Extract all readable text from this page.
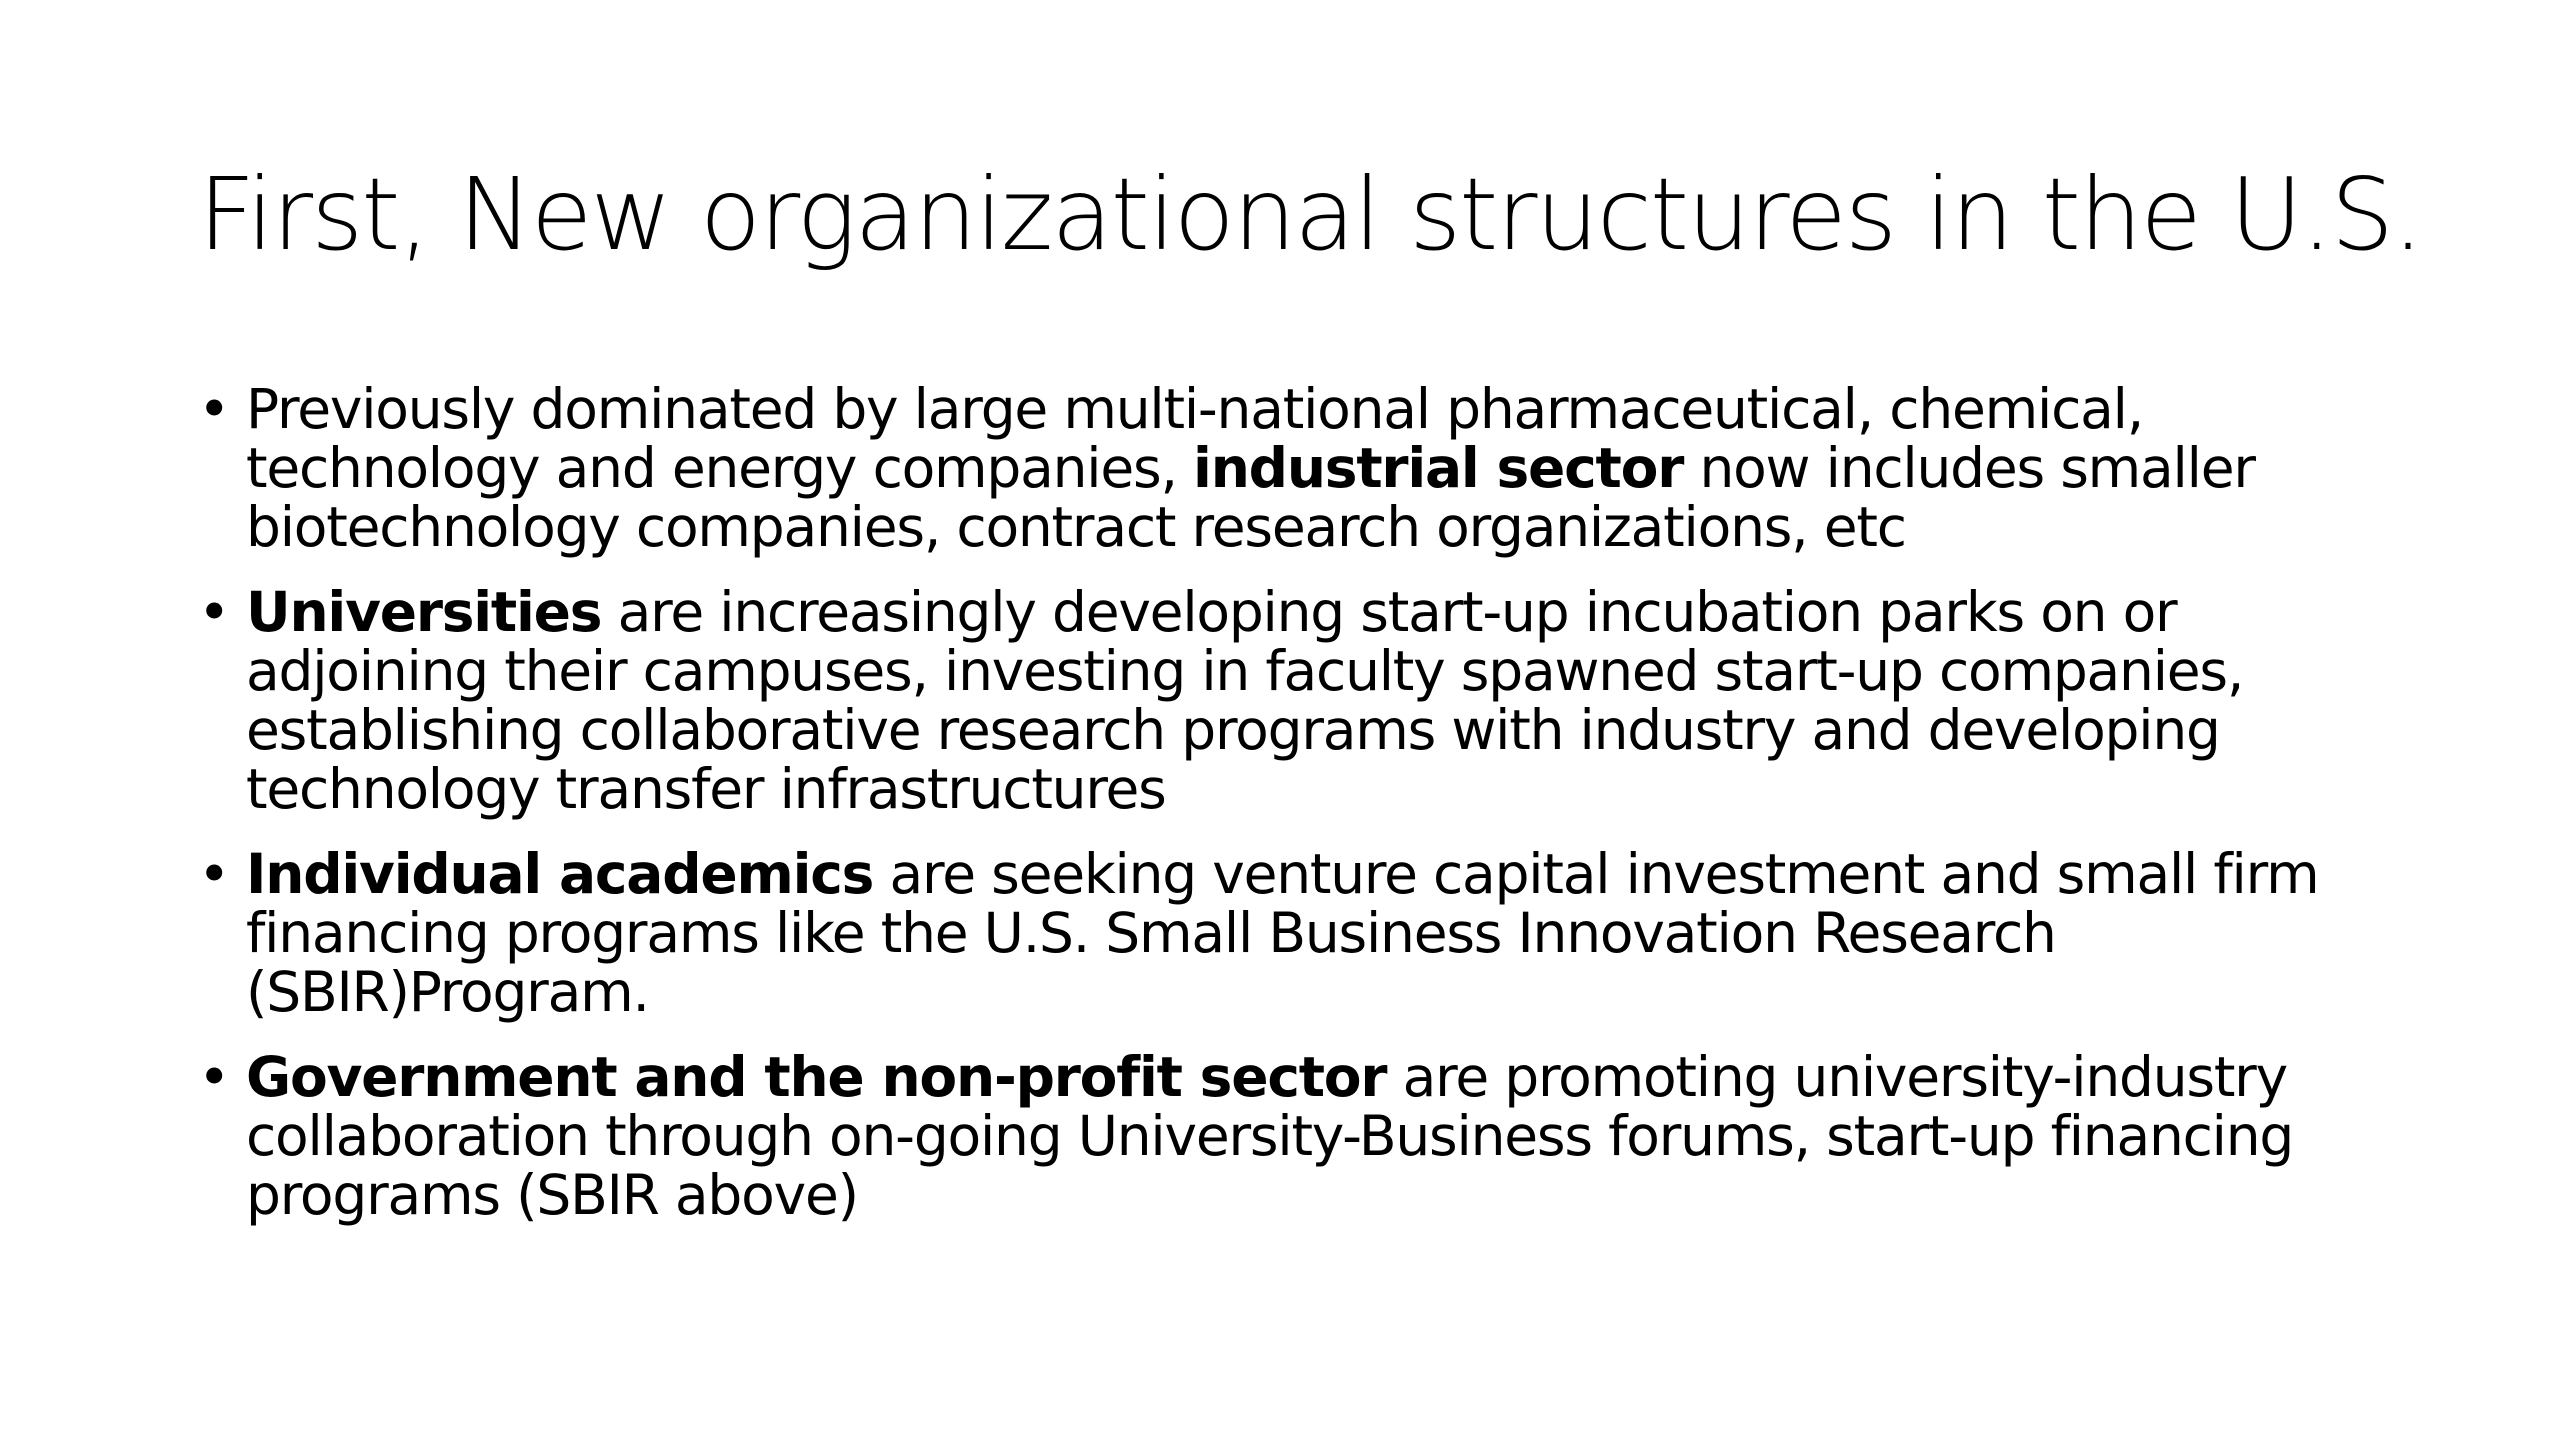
First, New organizational structures in the U.S.
• Previously dominated by large multi-national pharmaceutical, chemical, technology and energy companies, industrial sector now includes smaller biotechnology companies, contract research organizations, etc
• Universities are increasingly developing start-up incubation parks on or adjoining their campuses, investing in faculty spawned start-up companies, establishing collaborative research programs with industry and developing technology transfer infrastructures
• Individual academics are seeking venture capital investment and small firm financing programs like the U.S. Small Business Innovation Research (SBIR)Program.
• Government and the non-profit sector are promoting university-industry collaboration through on-going University-Business forums, start-up financing programs (SBIR above)
